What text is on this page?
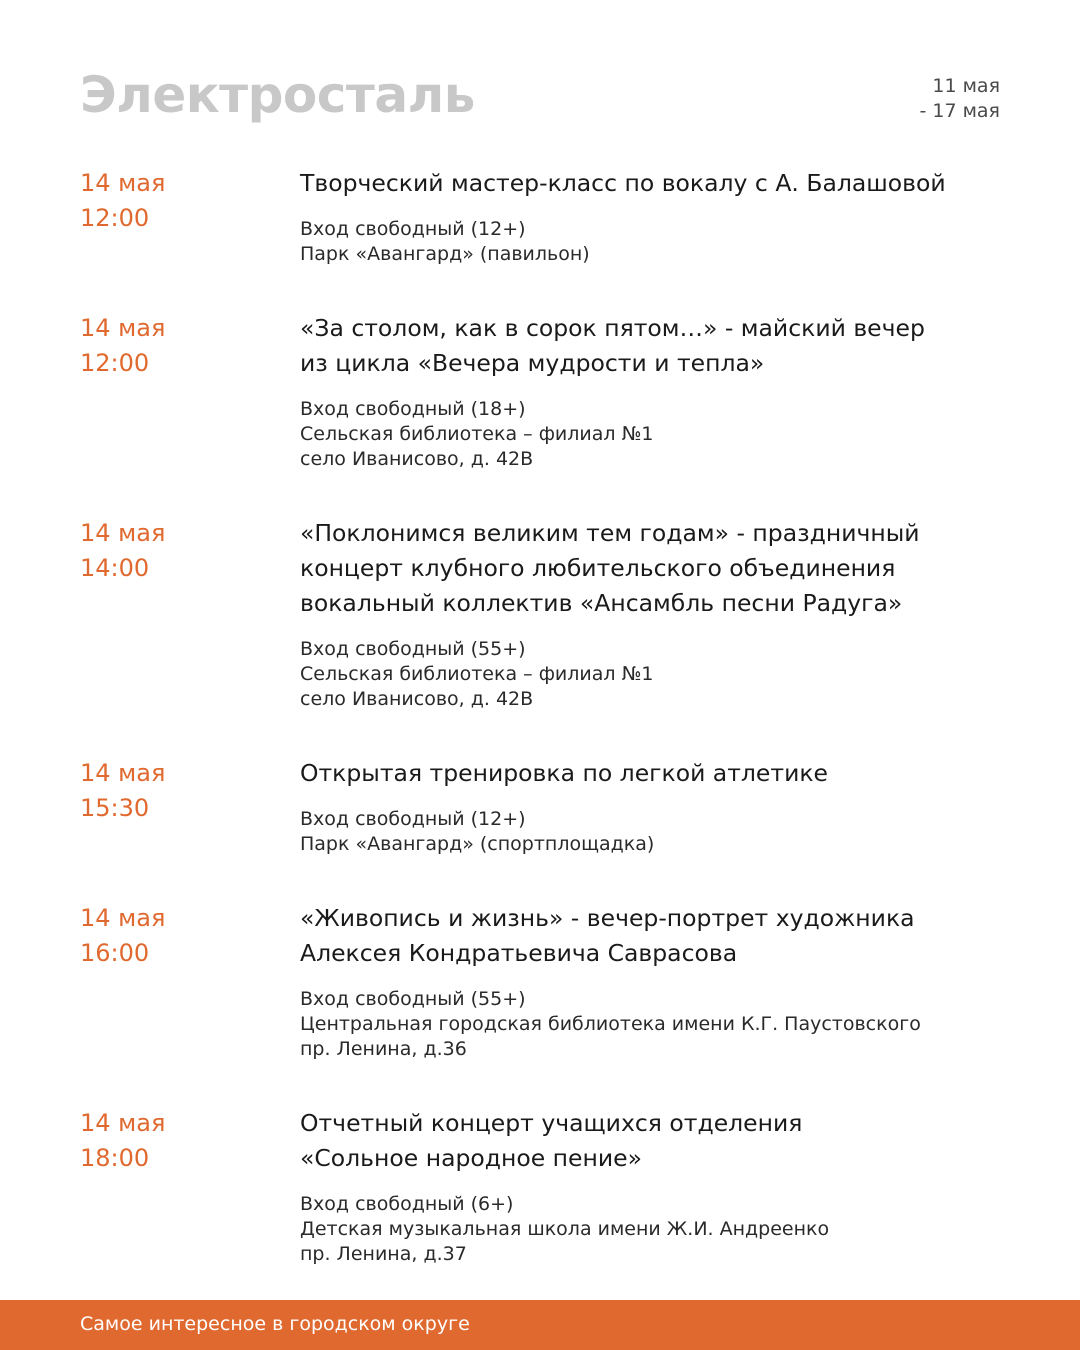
Электросталь	11 мая
- 17 мая
14 мая
12:00
Творческий мастер-класс по вокалу с А. Балашовой
Вход свободный (12+)
Парк «Авангард» (павильон)
14 мая
12:00
«За столом, как в сорок пятом…» - майский вечер
из цикла «Вечера мудрости и тепла»
Вход свободный (18+)
Сельская библиотека – филиал №1
село Иванисово, д. 42В
14 мая
14:00
«Поклонимся великим тем годам» - праздничный
концерт клубного любительского объединения
вокальный коллектив «Ансамбль песни Радуга»
Вход свободный (55+)
Сельская библиотека – филиал №1
село Иванисово, д. 42В
14 мая
15:30
Открытая тренировка по легкой атлетике
Вход свободный (12+)
Парк «Авангард» (спортплощадка)
14 мая
16:00
«Живопись и жизнь» - вечер-портрет художника
Алексея Кондратьевича Саврасова
Вход свободный (55+)
Центральная городская библиотека имени К.Г. Паустовского
пр. Ленина, д.36
14 мая
18:00
Отчетный концерт учащихся отделения
«Сольное народное пение»
Вход свободный (6+)
Детская музыкальная школа имени Ж.И. Андреенко
пр. Ленина, д.37
Самое интересное в городском округе
